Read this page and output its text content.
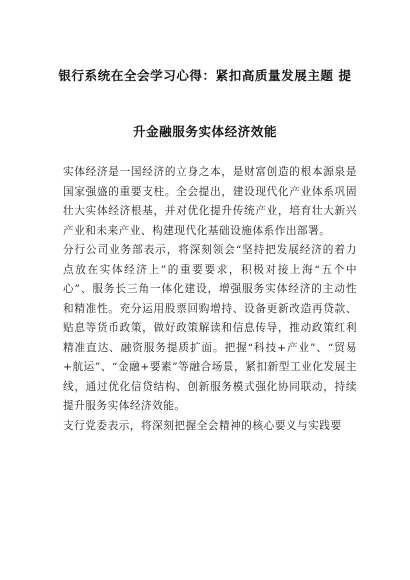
银行系统在全会学习心得：紧扣高质量发展主题 提
升金融服务实体经济效能

实体经济是一国经济的立身之本，是财富创造的根本源泉是国家强盛的重要支柱。全会提出，建设现代化产业体系巩固壮大实体经济根基，并对优化提升传统产业，培育壮大新兴产业和未来产业、构建现代化基础设施体系作出部署。

分行公司业务部表示，将深刻领会“坚持把发展经济的着力点放在实体经济上”的重要要求，积极对接上海“五个中心”、服务长三角一体化建设，增强服务实体经济的主动性和精准性。充分运用股票回购增持、设备更新改造再贷款、贴息等货币政策，做好政策解读和信息传导，推动政策红利精准直达、融资服务提质扩面。把握“科技+产业”、“贸易+航运”、“金融+要素”等融合场景，紧扣新型工业化发展主线，通过优化信贷结构、创新服务模式强化协同联动，持续提升服务实体经济效能。

支行党委表示，将深刻把握全会精神的核心要义与实践要
